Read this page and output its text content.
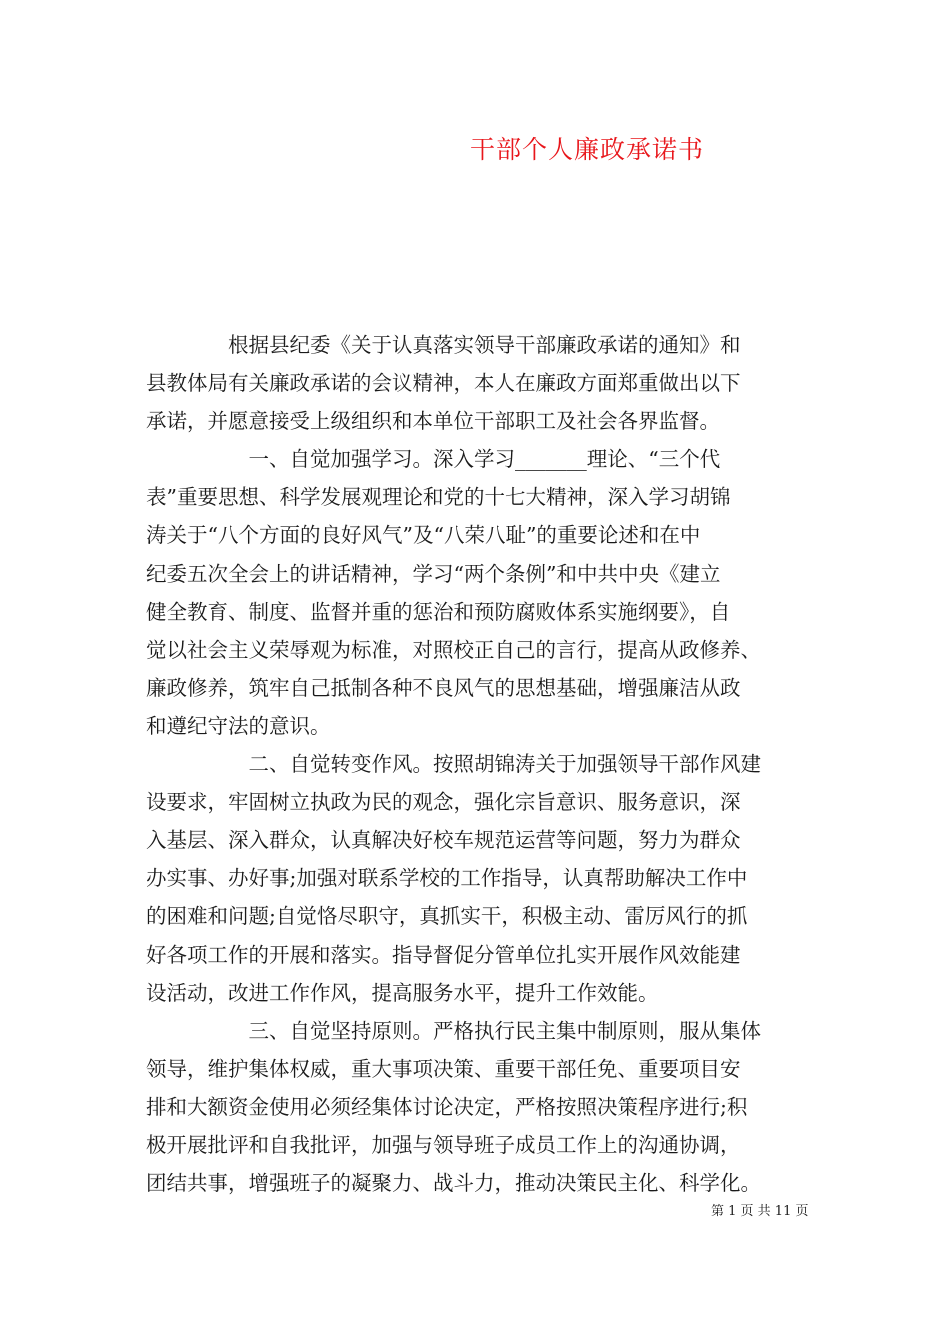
干部个人廉政承诺书
　　　　根据县纪委《关于认真落实领导干部廉政承诺的通知》和
县教体局有关廉政承诺的会议精神，本人在廉政方面郑重做出以下
承诺，并愿意接受上级组织和本单位干部职工及社会各界监督。
　　　　　一、自觉加强学习。深入学习_______理论、“三个代
表”重要思想、科学发展观理论和党的十七大精神，深入学习胡锦
涛关于“八个方面的良好风气”及“八荣八耻”的重要论述和在中
纪委五次全会上的讲话精神，学习“两个条例”和中共中央《建立
健全教育、制度、监督并重的惩治和预防腐败体系实施纲要》，自
觉以社会主义荣辱观为标准，对照校正自己的言行，提高从政修养、
廉政修养，筑牢自己抵制各种不良风气的思想基础，增强廉洁从政
和遵纪守法的意识。
　　　　　二、自觉转变作风。按照胡锦涛关于加强领导干部作风建
设要求，牢固树立执政为民的观念，强化宗旨意识、服务意识，深
入基层、深入群众，认真解决好校车规范运营等问题，努力为群众
办实事、办好事;加强对联系学校的工作指导，认真帮助解决工作中
的困难和问题;自觉恪尽职守，真抓实干，积极主动、雷厉风行的抓
好各项工作的开展和落实。指导督促分管单位扎实开展作风效能建
设活动，改进工作作风，提高服务水平，提升工作效能。
　　　　　三、自觉坚持原则。严格执行民主集中制原则，服从集体
领导，维护集体权威，重大事项决策、重要干部任免、重要项目安
排和大额资金使用必须经集体讨论决定，严格按照决策程序进行;积
极开展批评和自我批评，加强与领导班子成员工作上的沟通协调，
团结共事，增强班子的凝聚力、战斗力，推动决策民主化、科学化。
第 1 页 共 11 页
